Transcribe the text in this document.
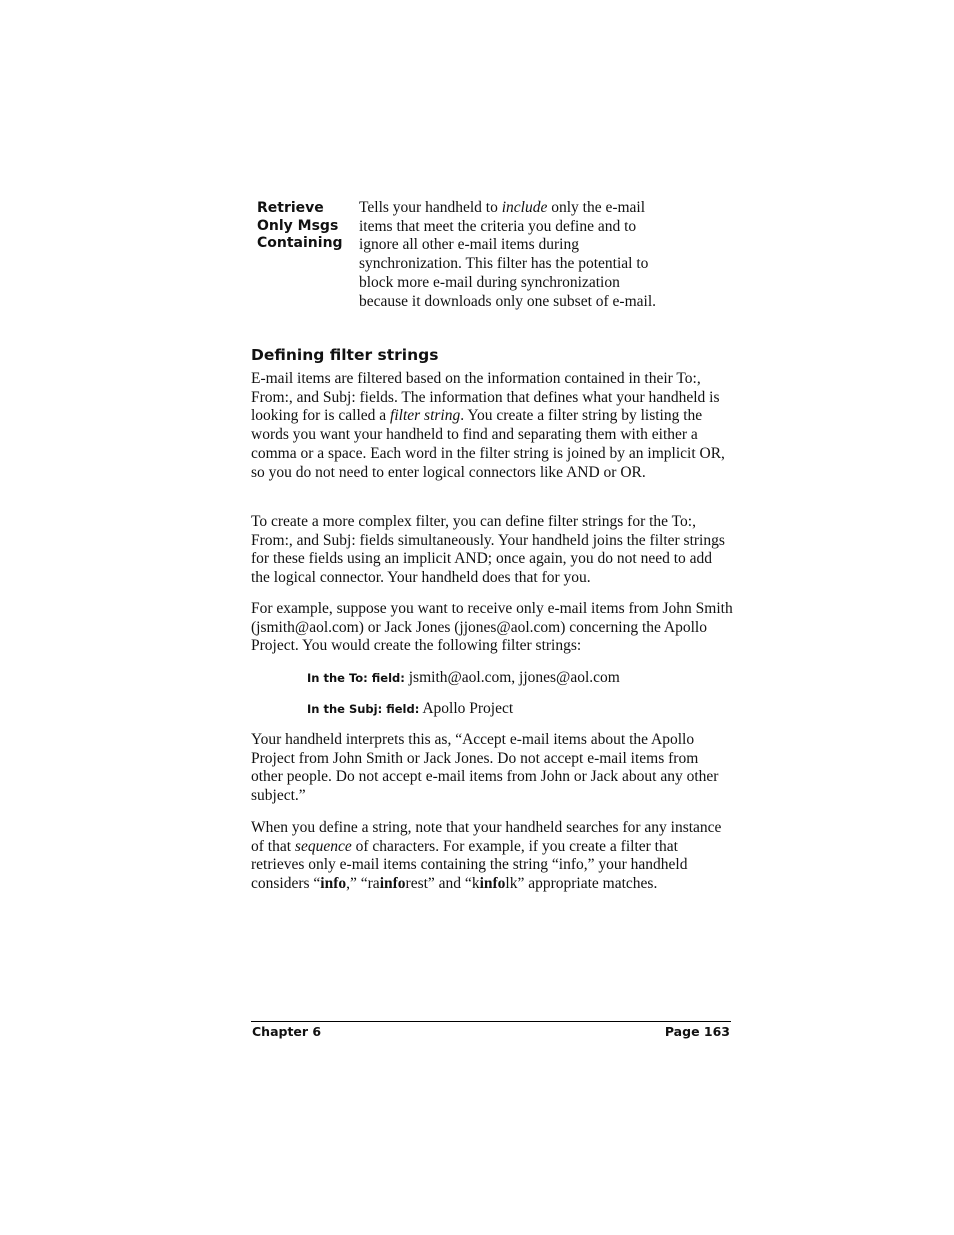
Retrieve
Only Msgs
Containing
Tells your handheld to include only the e-mail items that meet the criteria you define and to ignore all other e-mail items during synchronization. This filter has the potential to block more e-mail during synchronization because it downloads only one subset of e-mail.
Defining filter strings

E-mail items are filtered based on the information contained in their To:, From:, and Subj: fields. The information that defines what your handheld is looking for is called a filter string. You create a filter string by listing the words you want your handheld to find and separating them with either a comma or a space. Each word in the filter string is joined by an implicit OR, so you do not need to enter logical connectors like AND or OR.

To create a more complex filter, you can define filter strings for the To:, From:, and Subj: fields simultaneously. Your handheld joins the filter strings for these fields using an implicit AND; once again, you do not need to add the logical connector. Your handheld does that for you.

For example, suppose you want to receive only e-mail items from John Smith (jsmith@aol.com) or Jack Jones (jjones@aol.com) concerning the Apollo Project. You would create the following filter strings:

In the To: field: jsmith@aol.com, jjones@aol.com
In the Subj: field: Apollo Project

Your handheld interprets this as, “Accept e-mail items about the Apollo Project from John Smith or Jack Jones. Do not accept e-mail items from other people. Do not accept e-mail items from John or Jack about any other subject.”

When you define a string, note that your handheld searches for any instance of that sequence of characters. For example, if you create a filter that retrieves only e-mail items containing the string “info,” your handheld considers “info,” “rainforest” and “kinfolk” appropriate matches.

Chapter 6	Page 163
